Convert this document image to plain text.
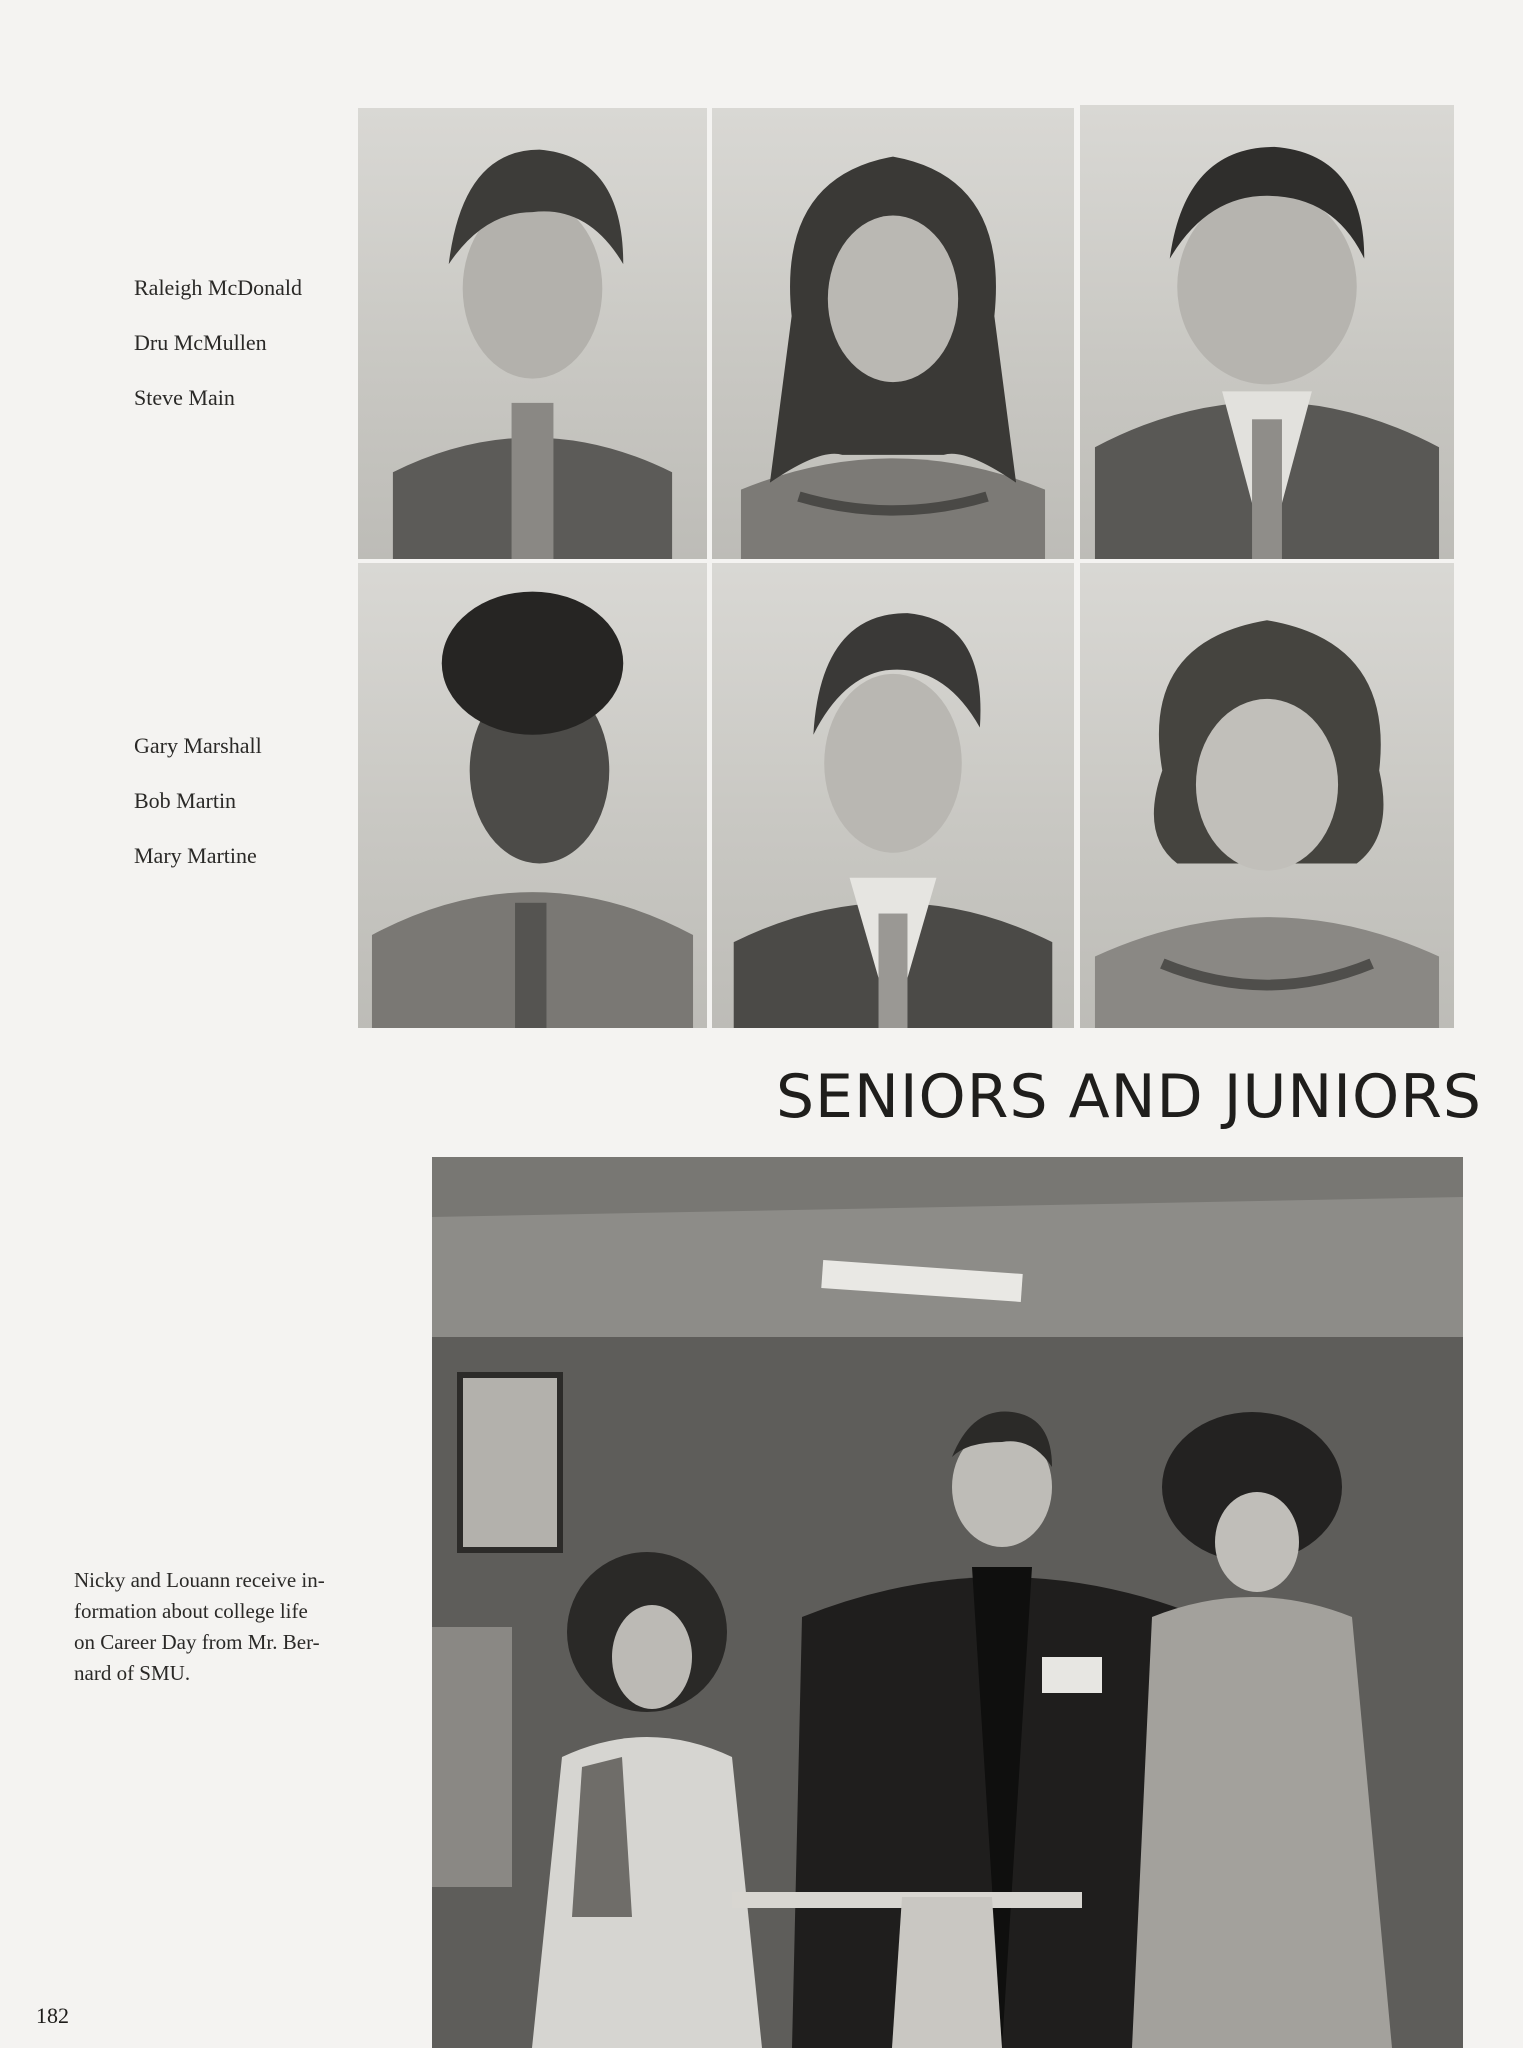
Raleigh McDonald
Dru McMullen
Steve Main
Gary Marshall
Bob Martin
Mary Martine
SENIORS AND JUNIORS
Nicky and Louann receive in-
formation about college life
on Career Day from Mr. Ber-
nard of SMU.
182
